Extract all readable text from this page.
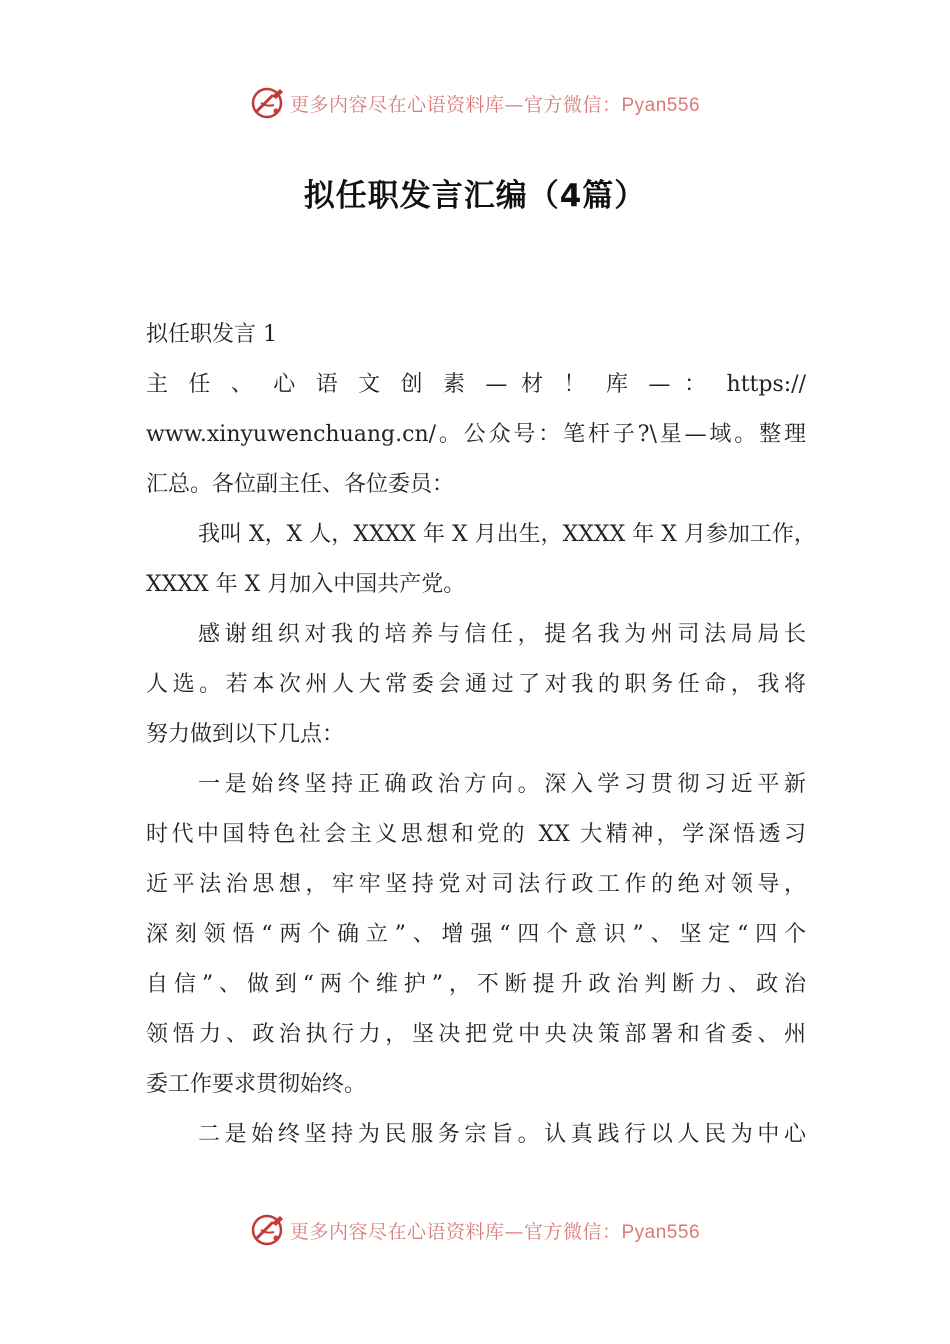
更多内容尽在心语资料库—官方微信：Pyan556
拟任职发言汇编（4篇）
拟任职发言 1
主 任 、 心 语 文 创 素 — 材 ！ 库 — ： https://
www.xinyuwenchuang.cn/。公众号：笔杆子?\星—域。整理
汇总。各位副主任、各位委员：
我叫 X，X 人，XXXX 年 X 月出生，XXXX 年 X 月参加工作，
XXXX 年 X 月加入中国共产党。
感谢组织对我的培养与信任，提名我为州司法局局长
人选。若本次州人大常委会通过了对我的职务任命，我将
努力做到以下几点：
一是始终坚持正确政治方向。深入学习贯彻习近平新
时代中国特色社会主义思想和党的 XX 大精神，学深悟透习
近平法治思想，牢牢坚持党对司法行政工作的绝对领导，
深刻领悟“两个确立”、增强“四个意识”、坚定“四个
自信”、做到“两个维护”，不断提升政治判断力、政治
领悟力、政治执行力，坚决把党中央决策部署和省委、州
委工作要求贯彻始终。
二是始终坚持为民服务宗旨。认真践行以人民为中心
更多内容尽在心语资料库—官方微信：Pyan556
